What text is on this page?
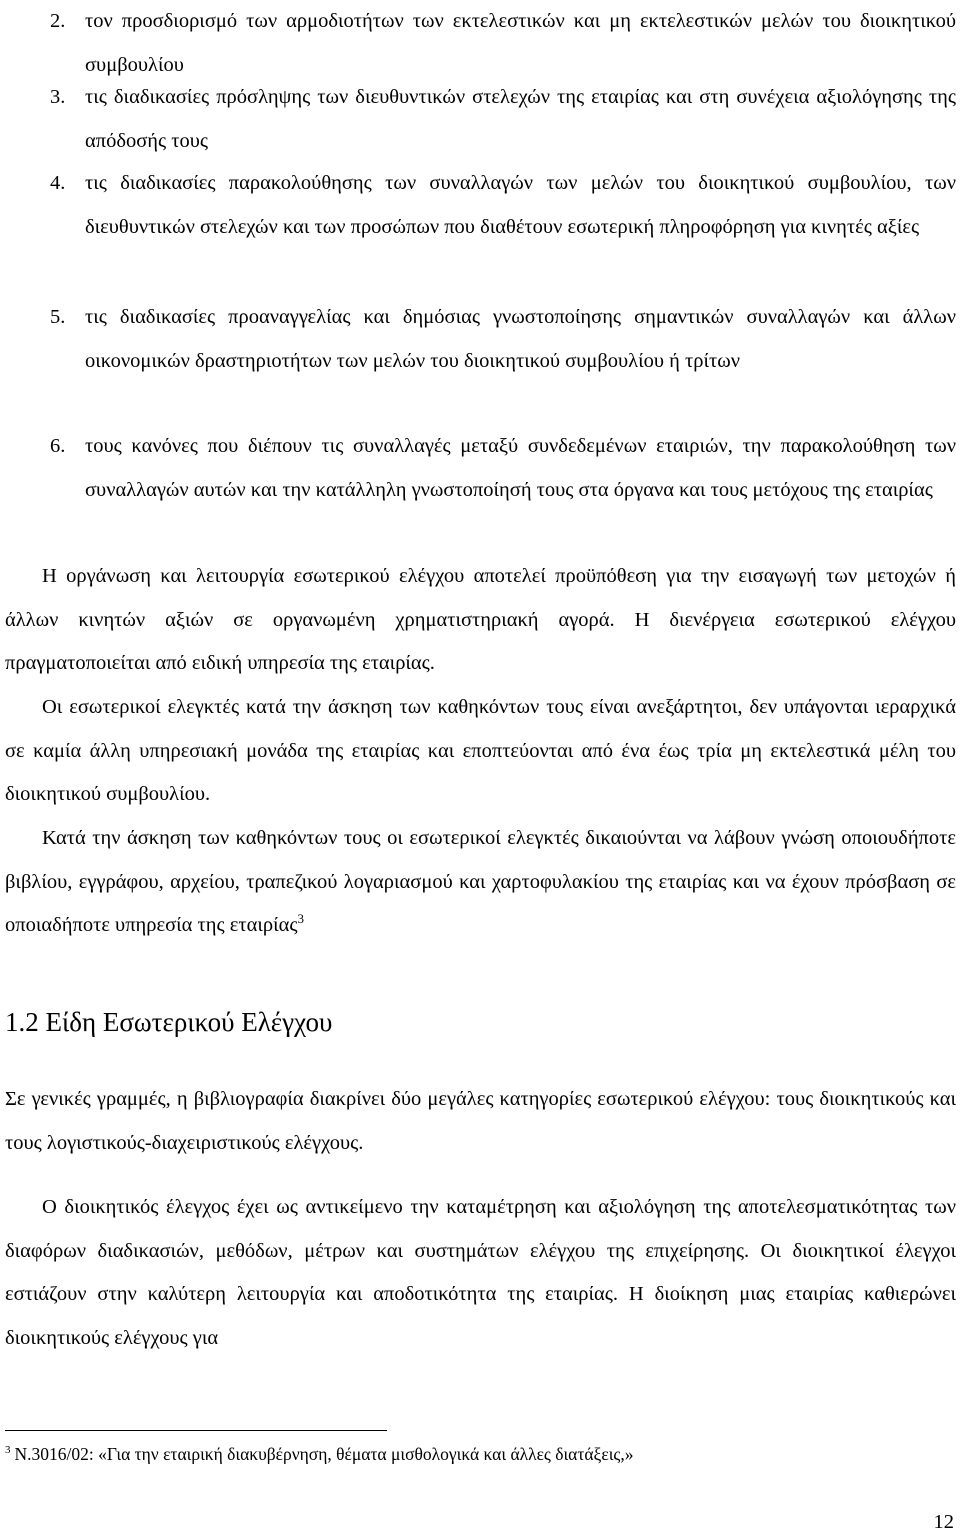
2. τον προσδιορισμό των αρμοδιοτήτων των εκτελεστικών και μη εκτελεστικών μελών του διοικητικού συμβουλίου
3. τις διαδικασίες πρόσληψης των διευθυντικών στελεχών της εταιρίας και στη συνέχεια αξιολόγησης της απόδοσής τους
4. τις διαδικασίες παρακολούθησης των συναλλαγών των μελών του διοικητικού συμβουλίου, των διευθυντικών στελεχών και των προσώπων που διαθέτουν εσωτερική πληροφόρηση για κινητές αξίες
5. τις διαδικασίες προαναγγελίας και δημόσιας γνωστοποίησης σημαντικών συναλλαγών και άλλων οικονομικών δραστηριοτήτων των μελών του διοικητικού συμβουλίου ή τρίτων
6. τους κανόνες που διέπουν τις συναλλαγές μεταξύ συνδεδεμένων εταιριών, την παρακολούθηση των συναλλαγών αυτών και την κατάλληλη γνωστοποίησή τους στα όργανα και τους μετόχους της εταιρίας

Η οργάνωση και λειτουργία εσωτερικού ελέγχου αποτελεί προϋπόθεση για την εισαγωγή των μετοχών ή άλλων κινητών αξιών σε οργανωμένη χρηματιστηριακή αγορά. Η διενέργεια εσωτερικού ελέγχου πραγματοποιείται από ειδική υπηρεσία της εταιρίας.

Οι εσωτερικοί ελεγκτές κατά την άσκηση των καθηκόντων τους είναι ανεξάρτητοι, δεν υπάγονται ιεραρχικά σε καμία άλλη υπηρεσιακή μονάδα της εταιρίας και εποπτεύονται από ένα έως τρία μη εκτελεστικά μέλη του διοικητικού συμβουλίου.

Κατά την άσκηση των καθηκόντων τους οι εσωτερικοί ελεγκτές δικαιούνται να λάβουν γνώση οποιουδήποτε βιβλίου, εγγράφου, αρχείου, τραπεζικού λογαριασμού και χαρτοφυλακίου της εταιρίας και να έχουν πρόσβαση σε οποιαδήποτε υπηρεσία της εταιρίας$^3$

1.2 Είδη Εσωτερικού Ελέγχου

Σε γενικές γραμμές, η βιβλιογραφία διακρίνει δύο μεγάλες κατηγορίες εσωτερικού ελέγχου: τους διοικητικούς και τους λογιστικούς-διαχειριστικούς ελέγχους.

Ο διοικητικός έλεγχος έχει ως αντικείμενο την καταμέτρηση και αξιολόγηση της αποτελεσματικότητας των διαφόρων διαδικασιών, μεθόδων, μέτρων και συστημάτων ελέγχου της επιχείρησης. Οι διοικητικοί έλεγχοι εστιάζουν στην καλύτερη λειτουργία και αποδοτικότητα της εταιρίας. Η διοίκηση μιας εταιρίας καθιερώνει διοικητικούς ελέγχους για

$^3$ Ν.3016/02: «Για την εταιρική διακυβέρνηση, θέματα μισθολογικά και άλλες διατάξεις,»

12
